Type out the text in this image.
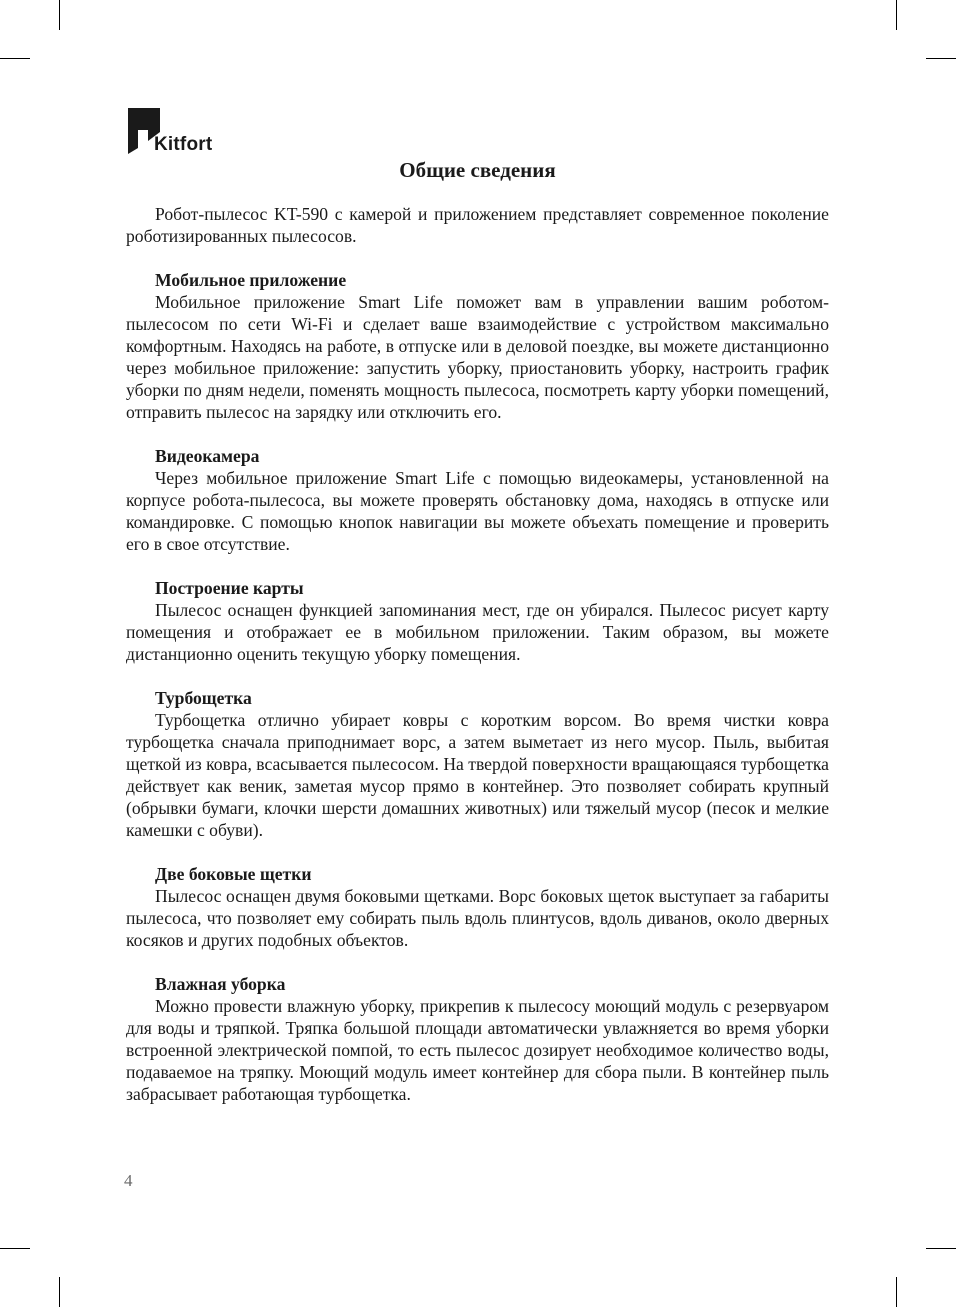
Kitfort
Общие сведения

Робот-пылесос KT-590 с камерой и приложением представляет современное поколение роботизированных пылесосов.

Мобильное приложение

Мобильное приложение Smart Life поможет вам в управлении вашим роботом-пылесосом по сети Wi-Fi и сделает ваше взаимодействие с устройством максимально комфортным. Находясь на работе, в отпуске или в деловой поездке, вы можете дистанционно через мобильное приложение: запустить уборку, приостановить уборку, настроить график уборки по дням недели, поменять мощность пылесоса, посмотреть карту уборки помещений, отправить пылесос на зарядку или отключить его.

Видеокамера

Через мобильное приложение Smart Life с помощью видеокамеры, установленной на корпусе робота-пылесоса, вы можете проверять обстановку дома, находясь в отпуске или командировке. С помощью кнопок навигации вы можете объехать помещение и проверить его в свое отсутствие.

Построение карты

Пылесос оснащен функцией запоминания мест, где он убирался. Пылесос рисует карту помещения и отображает ее в мобильном приложении. Таким образом, вы можете дистанционно оценить текущую уборку помещения.

Турбощетка

Турбощетка отлично убирает ковры с коротким ворсом. Во время чистки ковра турбощетка сначала приподнимает ворс, а затем выметает из него мусор. Пыль, выбитая щеткой из ковра, всасывается пылесосом. На твердой поверхности вращающаяся турбощетка действует как веник, заметая мусор прямо в контейнер. Это позволяет собирать крупный (обрывки бумаги, клочки шерсти домашних животных) или тяжелый мусор (песок и мелкие камешки с обуви).

Две боковые щетки

Пылесос оснащен двумя боковыми щетками. Ворс боковых щеток выступает за габариты пылесоса, что позволяет ему собирать пыль вдоль плинтусов, вдоль диванов, около дверных косяков и других подобных объектов.

Влажная уборка

Можно провести влажную уборку, прикрепив к пылесосу моющий модуль с резервуаром для воды и тряпкой. Тряпка большой площади автоматически увлажняется во время уборки встроенной электрической помпой, то есть пылесос дозирует необходимое количество воды, подаваемое на тряпку. Моющий модуль имеет контейнер для сбора пыли. В контейнер пыль забрасывает работающая турбощетка.

4
